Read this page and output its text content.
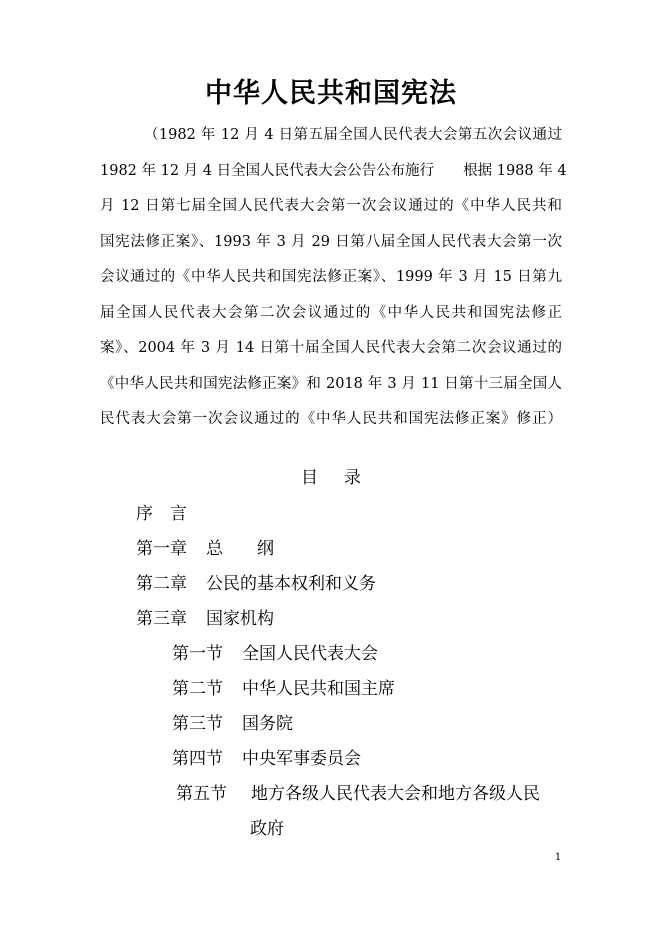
中华人民共和国宪法
（1982 年 12 月 4 日第五届全国人民代表大会第五次会议通过
1982 年 12 月 4 日全国人民代表大会公告公布施行　　根据 1988 年 4
月 12 日第七届全国人民代表大会第一次会议通过的《中华人民共和
国宪法修正案》、1993 年 3 月 29 日第八届全国人民代表大会第一次
会议通过的《中华人民共和国宪法修正案》、1999 年 3 月 15 日第九
届全国人民代表大会第二次会议通过的《中华人民共和国宪法修正
案》、2004 年 3 月 14 日第十届全国人民代表大会第二次会议通过的
《中华人民共和国宪法修正案》和 2018 年 3 月 11 日第十三届全国人
民代表大会第一次会议通过的《中华人民共和国宪法修正案》修正）
目 录
序　言
第一章 总　　纲
第二章 公民的基本权利和义务
第三章 国家机构
第一节 全国人民代表大会
第二节 中华人民共和国主席
第三节 国务院
第四节 中央军事委员会
第五节 地方各级人民代表大会和地方各级人民
政府
1
